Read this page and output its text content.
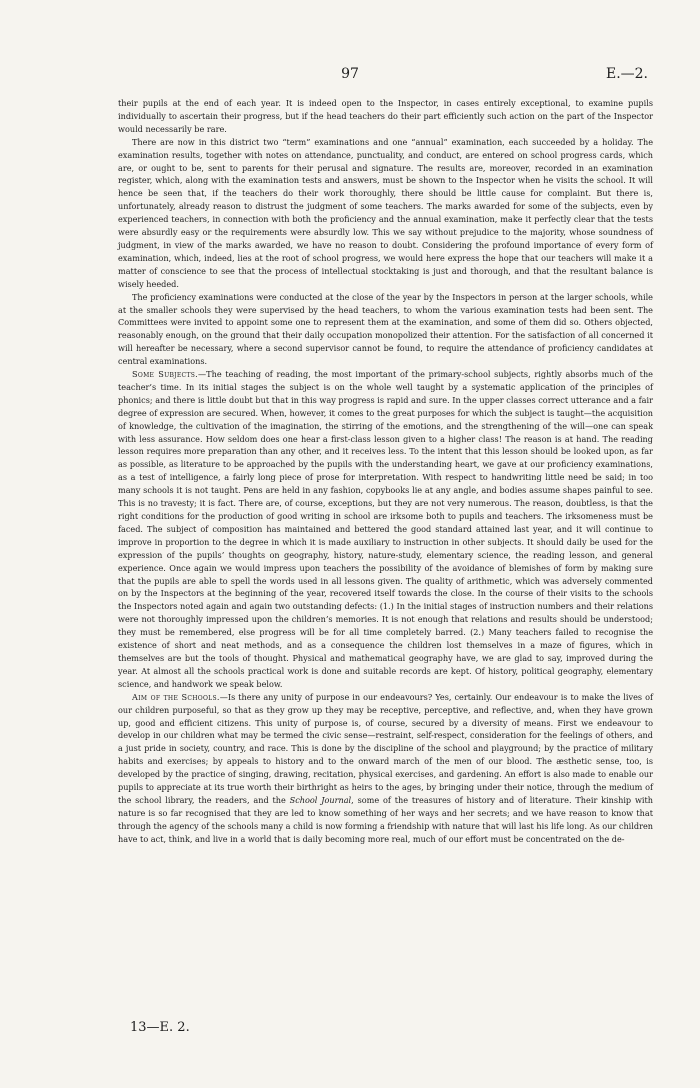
97	E.—2.

their pupils at the end of each year. It is indeed open to the Inspector, in cases entirely exceptional, to examine pupils individually to ascertain their progress, but if the head teachers do their part efficiently such action on the part of the Inspector would necessarily be rare.

There are now in this district two “term” examinations and one “annual” examination, each succeeded by a holiday. The examination results, together with notes on attendance, punctuality, and conduct, are entered on school progress cards, which are, or ought to be, sent to parents for their perusal and signature. The results are, moreover, recorded in an examination register, which, along with the examination tests and answers, must be shown to the Inspector when he visits the school. It will hence be seen that, if the teachers do their work thoroughly, there should be little cause for complaint. But there is, unfortunately, already reason to distrust the judgment of some teachers. The marks awarded for some of the subjects, even by experienced teachers, in connection with both the proficiency and the annual examination, make it perfectly clear that the tests were absurdly easy or the requirements were absurdly low. This we say without prejudice to the majority, whose soundness of judgment, in view of the marks awarded, we have no reason to doubt. Considering the profound importance of every form of examination, which, indeed, lies at the root of school progress, we would here express the hope that our teachers will make it a matter of conscience to see that the process of intellectual stocktaking is just and thorough, and that the resultant balance is wisely heeded.

The proficiency examinations were conducted at the close of the year by the Inspectors in person at the larger schools, while at the smaller schools they were supervised by the head teachers, to whom the various examination tests had been sent. The Committees were invited to appoint some one to represent them at the examination, and some of them did so. Others objected, reasonably enough, on the ground that their daily occupation monopolized their attention. For the satisfaction of all concerned it will hereafter be necessary, where a second supervisor cannot be found, to require the attendance of proficiency candidates at central examinations.

Some Subjects.—The teaching of reading, the most important of the primary-school subjects, rightly absorbs much of the teacher’s time. In its initial stages the subject is on the whole well taught by a systematic application of the principles of phonics; and there is little doubt but that in this way progress is rapid and sure. In the upper classes correct utterance and a fair degree of expression are secured. When, however, it comes to the great purposes for which the subject is taught—the acquisition of knowledge, the cultivation of the imagination, the stirring of the emotions, and the strengthening of the will—one can speak with less assurance. How seldom does one hear a first-class lesson given to a higher class! The reason is at hand. The reading lesson requires more preparation than any other, and it receives less. To the intent that this lesson should be looked upon, as far as possible, as literature to be approached by the pupils with the understanding heart, we gave at our proficiency examinations, as a test of intelligence, a fairly long piece of prose for interpretation. With respect to handwriting little need be said; in too many schools it is not taught. Pens are held in any fashion, copybooks lie at any angle, and bodies assume shapes painful to see. This is no travesty; it is fact. There are, of course, exceptions, but they are not very numerous. The reason, doubtless, is that the right conditions for the production of good writing in school are irksome both to pupils and teachers. The irksomeness must be faced. The subject of composition has maintained and bettered the good standard attained last year, and it will continue to improve in proportion to the degree in which it is made auxiliary to instruction in other subjects. It should daily be used for the expression of the pupils’ thoughts on geography, history, nature-study, elementary science, the reading lesson, and general experience. Once again we would impress upon teachers the possibility of the avoidance of blemishes of form by making sure that the pupils are able to spell the words used in all lessons given. The quality of arithmetic, which was adversely commented on by the Inspectors at the beginning of the year, recovered itself towards the close. In the course of their visits to the schools the Inspectors noted again and again two outstanding defects: (1.) In the initial stages of instruction numbers and their relations were not thoroughly impressed upon the children’s memories. It is not enough that relations and results should be understood; they must be remembered, else progress will be for all time completely barred. (2.) Many teachers failed to recognise the existence of short and neat methods, and as a consequence the children lost themselves in a maze of figures, which in themselves are but the tools of thought. Physical and mathematical geography have, we are glad to say, improved during the year. At almost all the schools practical work is done and suitable records are kept. Of history, political geography, elementary science, and handwork we speak below.

Aim of the Schools.—Is there any unity of purpose in our endeavours? Yes, certainly. Our endeavour is to make the lives of our children purposeful, so that as they grow up they may be receptive, perceptive, and reflective, and, when they have grown up, good and efficient citizens. This unity of purpose is, of course, secured by a diversity of means. First we endeavour to develop in our children what may be termed the civic sense—restraint, self-respect, consideration for the feelings of others, and a just pride in society, country, and race. This is done by the discipline of the school and playground; by the practice of military habits and exercises; by appeals to history and to the onward march of the men of our blood. The æsthetic sense, too, is developed by the practice of singing, drawing, recitation, physical exercises, and gardening. An effort is also made to enable our pupils to appreciate at its true worth their birthright as heirs to the ages, by bringing under their notice, through the medium of the school library, the readers, and the School Journal, some of the treasures of history and of literature. Their kinship with nature is so far recognised that they are led to know something of her ways and her secrets; and we have reason to know that through the agency of the schools many a child is now forming a friendship with nature that will last his life long. As our children have to act, think, and live in a world that is daily becoming more real, much of our effort must be concentrated on the de-

13—E. 2.
